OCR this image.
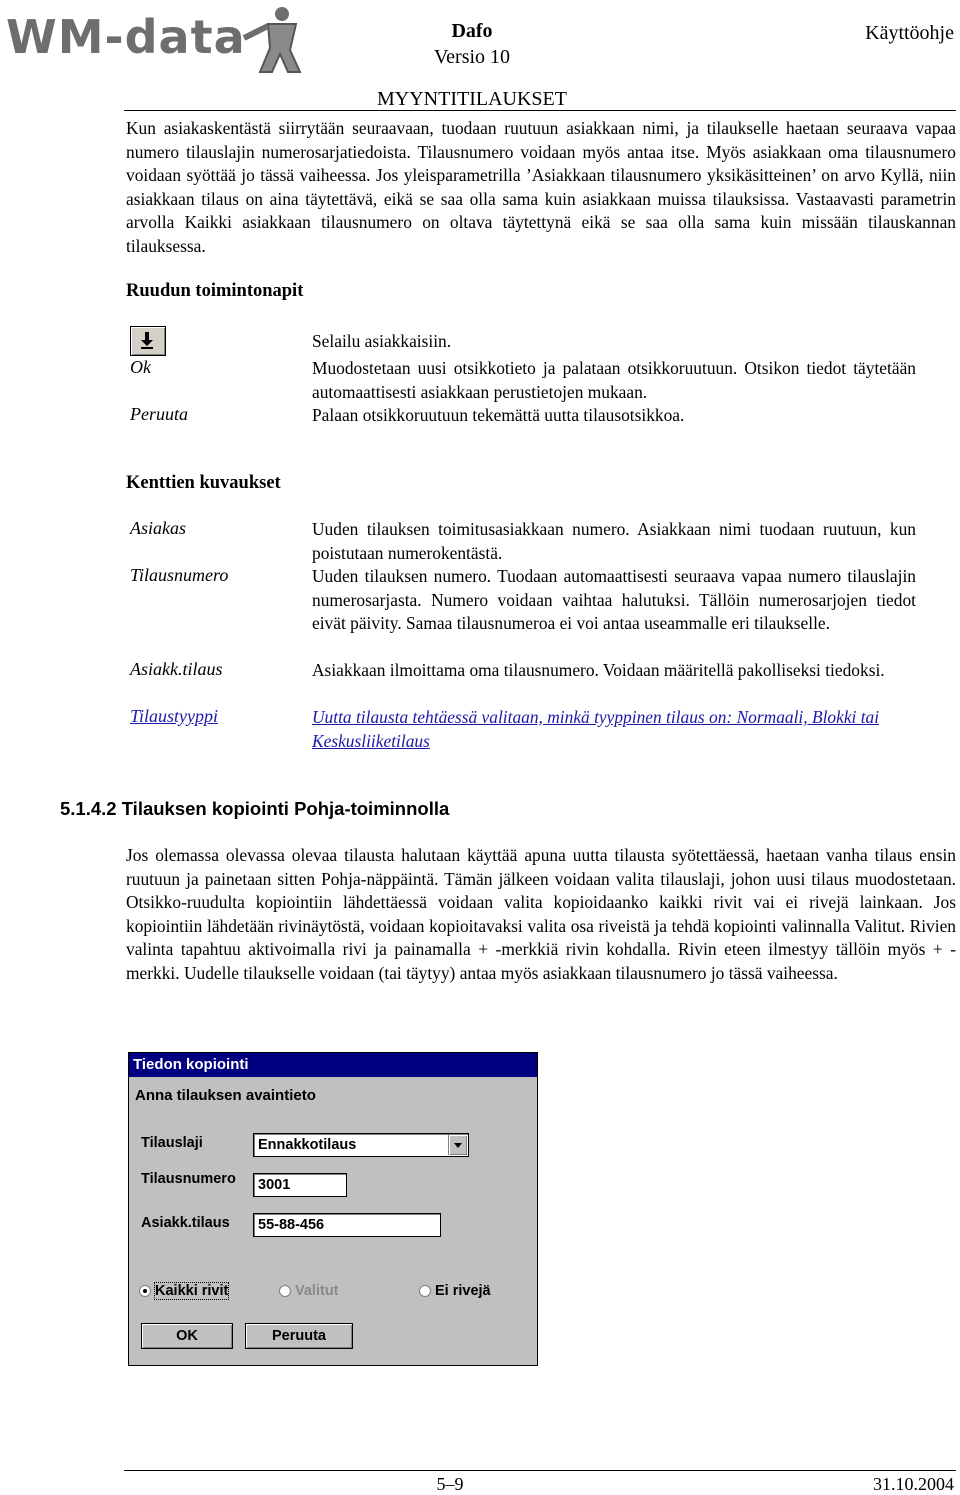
WM-data	Dafo
Versio 10
Käyttöohje
MYYNTITILAUKSET
Kun asiakaskentästä siirrytään seuraavaan, tuodaan ruutuun asiakkaan nimi, ja tilaukselle haetaan seuraava vapaa numero tilauslajin numerosarjatiedoista. Tilausnumero voidaan myös antaa itse. Myös asiakkaan oma tilausnumero voidaan syöttää jo tässä vaiheessa. Jos yleisparametrilla ’Asiakkaan tilausnumero yksikäsitteinen’ on arvo Kyllä, niin asiakkaan tilaus on aina täytettävä, eikä se saa olla sama kuin asiakkaan muissa tilauksissa. Vastaavasti parametrin arvolla Kaikki asiakkaan tilausnumero on oltava täytettynä eikä se saa olla sama kuin missään tilauskannan tilauksessa.
Ruudun toimintonapit
Selailu asiakkaisiin.
Ok	Muodostetaan uusi otsikkotieto ja palataan otsikkoruutuun. Otsikon tiedot täytetään automaattisesti asiakkaan perustietojen mukaan.
Peruuta	Palaan otsikkoruutuun tekemättä uutta tilausotsikkoa.
Kenttien kuvaukset
Asiakas	Uuden tilauksen toimitusasiakkaan numero. Asiakkaan nimi tuodaan ruutuun, kun poistutaan numerokentästä.
Tilausnumero	Uuden tilauksen numero. Tuodaan automaattisesti seuraava vapaa numero tilauslajin numerosarjasta. Numero voidaan vaihtaa halutuksi. Tällöin numerosarjojen tiedot eivät päivity. Samaa tilausnumeroa ei voi antaa useammalle eri tilaukselle.
Asiakk.tilaus	Asiakkaan ilmoittama oma tilausnumero. Voidaan määritellä pakolliseksi tiedoksi.
Tilaustyyppi	Uutta tilausta tehtäessä valitaan, minkä tyyppinen tilaus on: Normaali, Blokki tai Keskusliiketilaus
5.1.4.2 Tilauksen kopiointi Pohja-toiminnolla
Jos olemassa olevassa olevaa tilausta halutaan käyttää apuna uutta tilausta syötettäessä, haetaan vanha tilaus ensin ruutuun ja painetaan sitten Pohja-näppäintä. Tämän jälkeen voidaan valita tilauslaji, johon uusi tilaus muodostetaan. Otsikko-ruudulta kopiointiin lähdettäessä voidaan valita kopioidaanko kaikki rivit vai ei rivejä lainkaan. Jos kopiointiin lähdetään rivinäytöstä, voidaan kopioitavaksi valita osa riveistä ja tehdä kopiointi valinnalla Valitut. Rivien valinta tapahtuu aktivoimalla rivi ja painamalla + -merkkiä rivin kohdalla. Rivin eteen ilmestyy tällöin myös + -merkki. Uudelle tilaukselle voidaan (tai täytyy) antaa myös asiakkaan tilausnumero jo tässä vaiheessa.
Tiedon kopiointi
Anna tilauksen avaintieto
Tilauslaji	Ennakkotilaus
Tilausnumero	3001
Asiakk.tilaus	55-88-456
Kaikki rivit	Valitut	Ei rivejä
OK	Peruuta
5–9	31.10.2004
